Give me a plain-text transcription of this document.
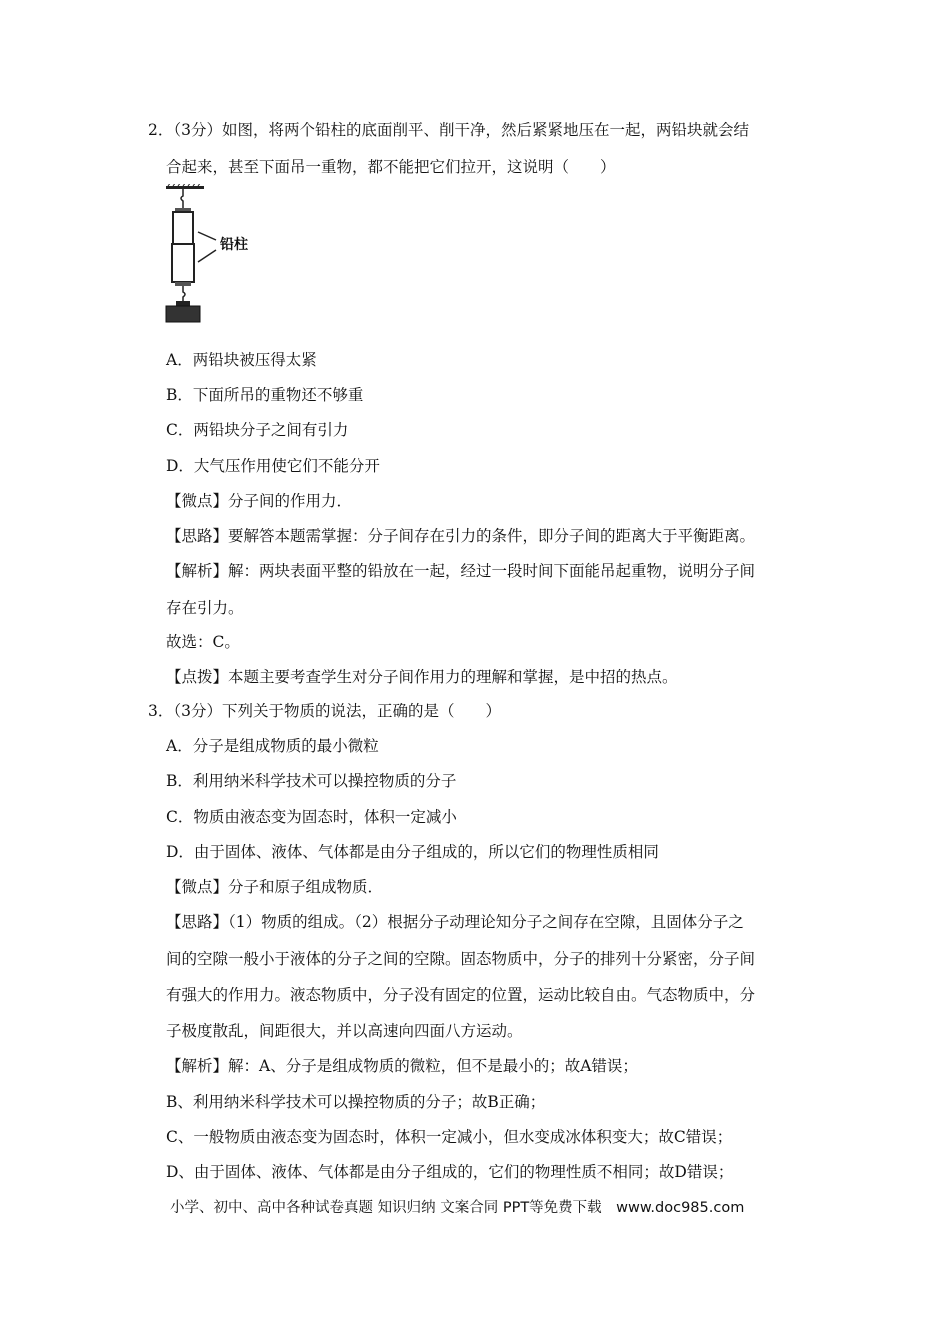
2．（3分）如图，将两个铅柱的底面削平、削干净，然后紧紧地压在一起，两铅块就会结
合起来，甚至下面吊一重物，都不能把它们拉开，这说明（　　）
铅柱
A．两铅块被压得太紧
B．下面所吊的重物还不够重
C．两铅块分子之间有引力
D．大气压作用使它们不能分开
【微点】分子间的作用力．
【思路】要解答本题需掌握：分子间存在引力的条件，即分子间的距离大于平衡距离。
【解析】解：两块表面平整的铅放在一起，经过一段时间下面能吊起重物，说明分子间
存在引力。
故选：C。
【点拨】本题主要考查学生对分子间作用力的理解和掌握，是中招的热点。
3．（3分）下列关于物质的说法，正确的是（　　）
A．分子是组成物质的最小微粒
B．利用纳米科学技术可以操控物质的分子
C．物质由液态变为固态时，体积一定减小
D．由于固体、液体、气体都是由分子组成的，所以它们的物理性质相同
【微点】分子和原子组成物质．
【思路】（1）物质的组成。（2）根据分子动理论知分子之间存在空隙，且固体分子之
间的空隙一般小于液体的分子之间的空隙。固态物质中，分子的排列十分紧密，分子间
有强大的作用力。液态物质中，分子没有固定的位置，运动比较自由。气态物质中，分
子极度散乱，间距很大，并以高速向四面八方运动。
【解析】解：A、分子是组成物质的微粒，但不是最小的；故A错误；
B、利用纳米科学技术可以操控物质的分子；故B正确；
C、一般物质由液态变为固态时，体积一定减小，但水变成冰体积变大；故C错误；
D、由于固体、液体、气体都是由分子组成的，它们的物理性质不相同；故D错误；
小学、初中、高中各种试卷真题 知识归纳 文案合同 PPT等免费下载　www.doc985.com
